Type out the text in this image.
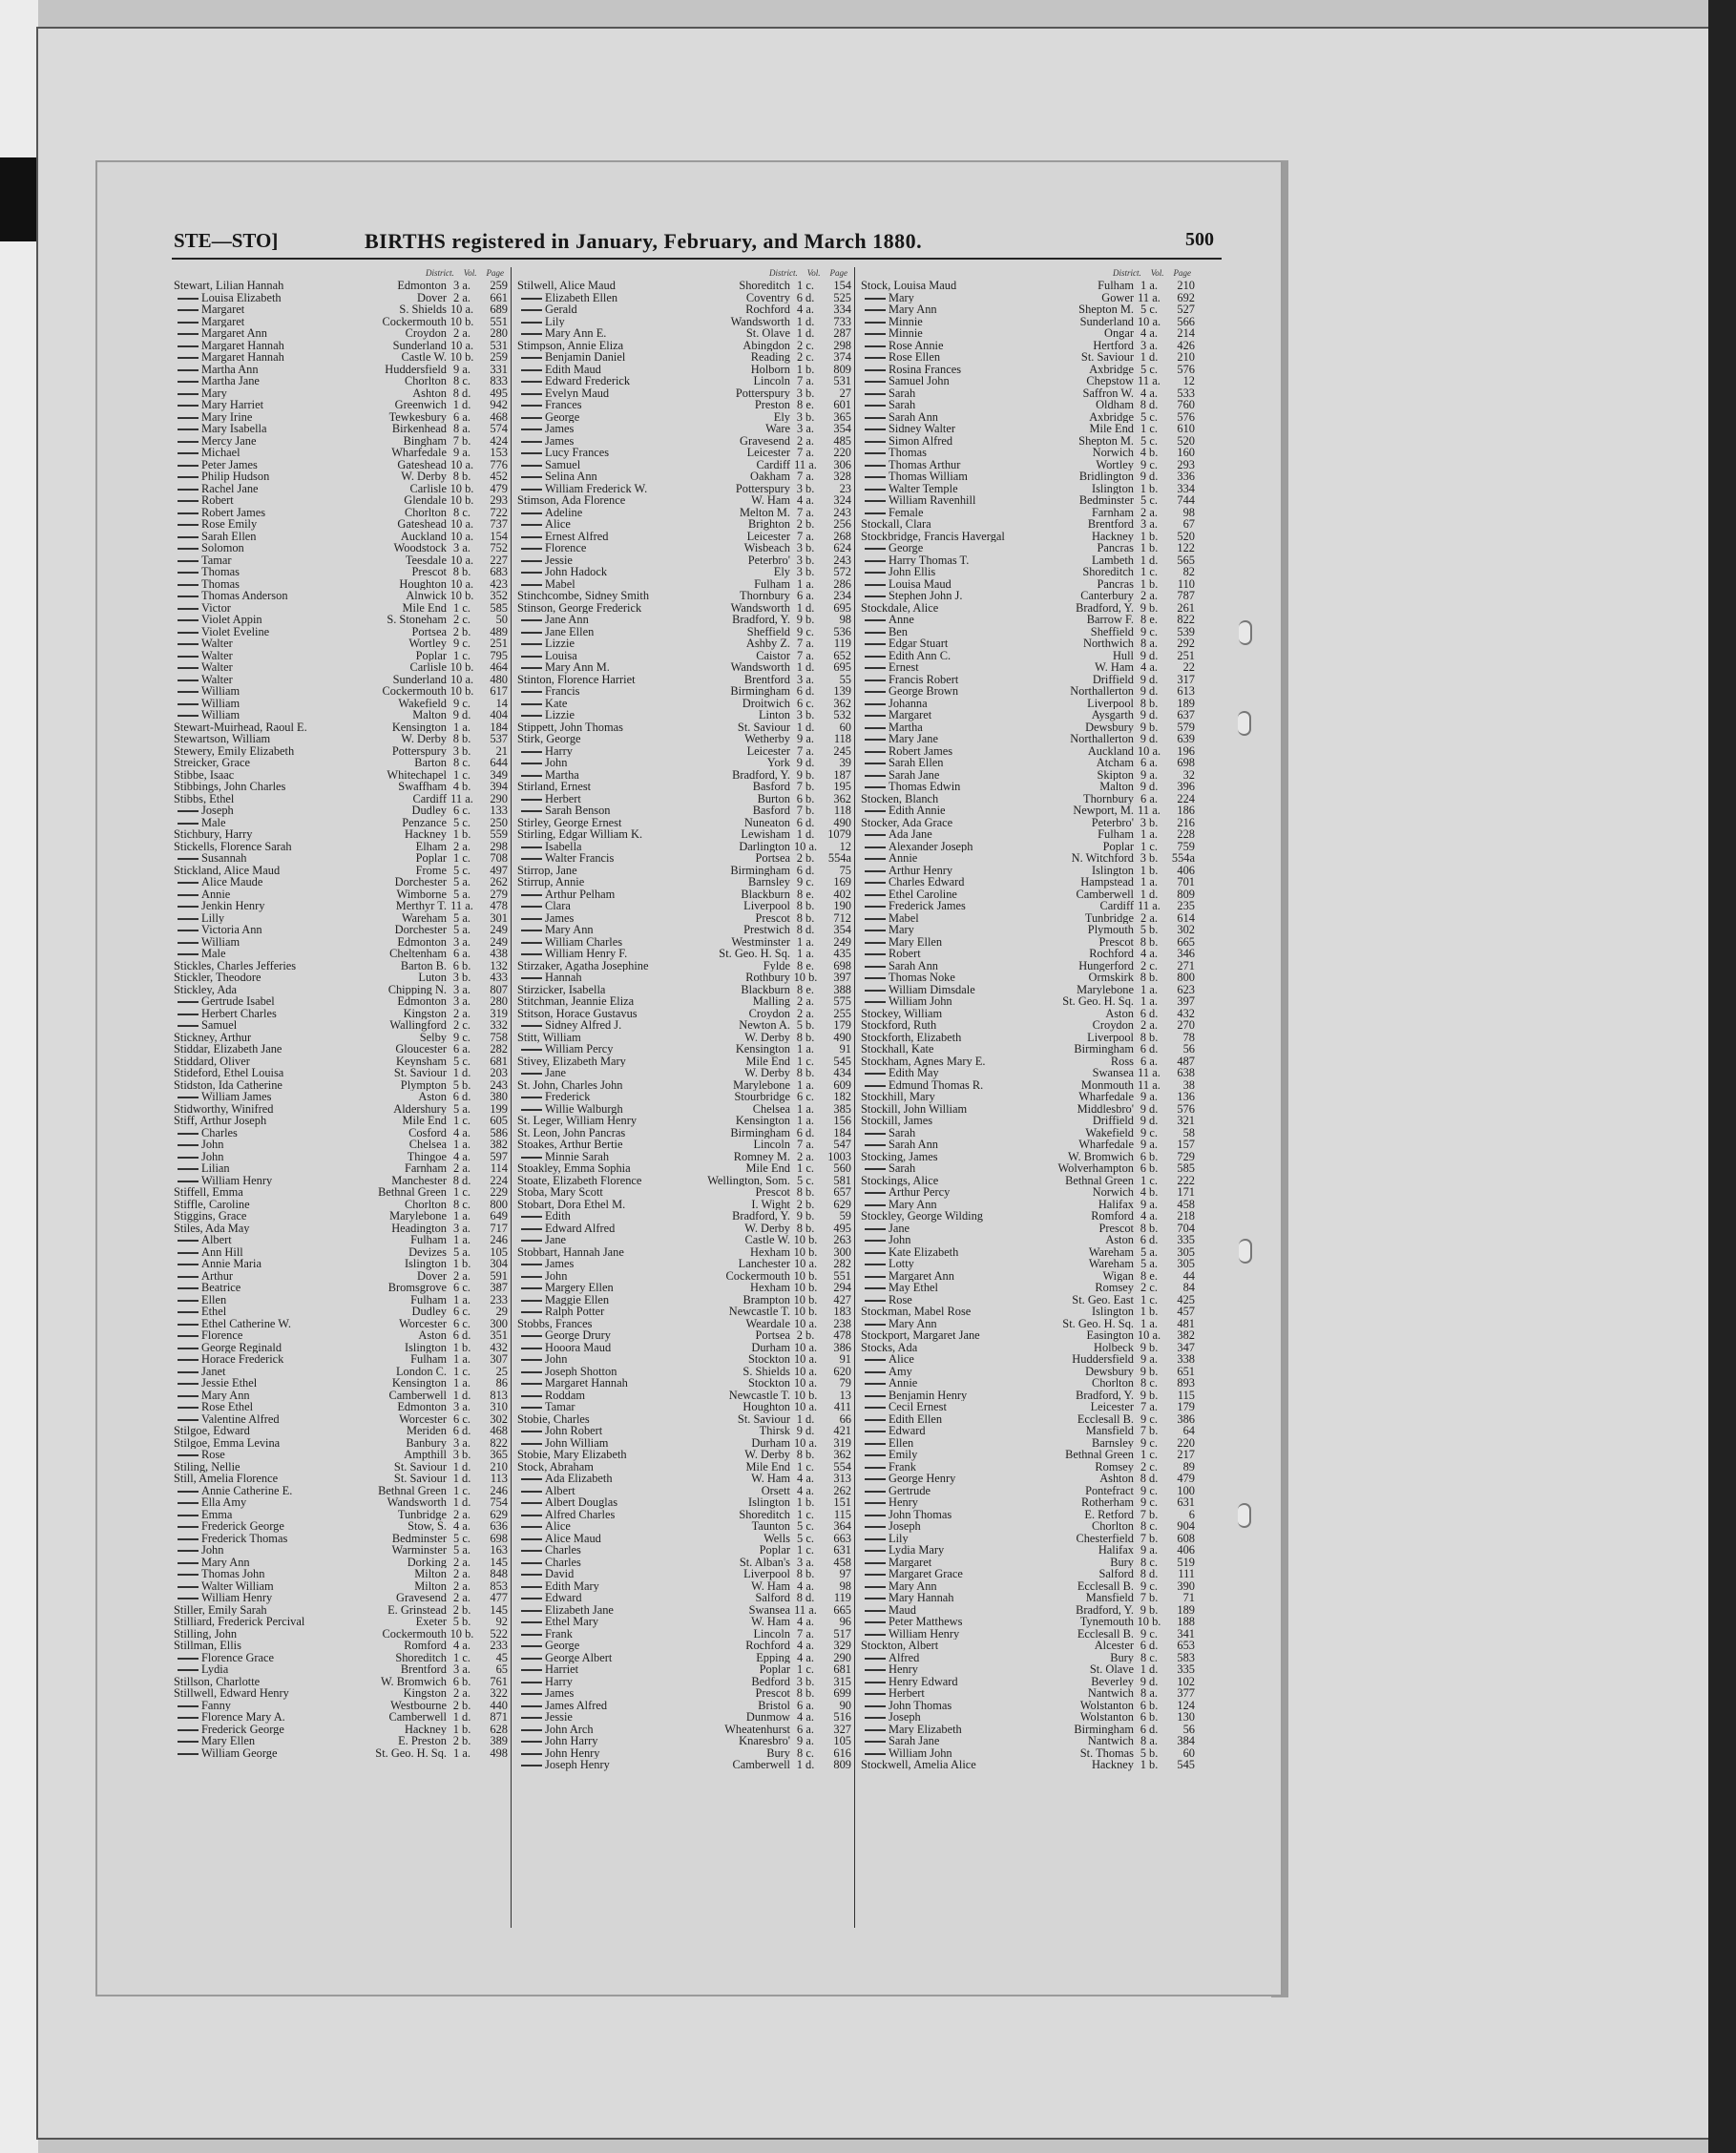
STE—STO]	BIRTHS registered in January, February, and March 1880.	500
District. Vol. Page
Stewart, Lilian Hannah	Edmonton 3 a.	259
Louisa Elizabeth	Dover 2 a.	661
Margaret	S. Shields 10 a.	689
Margaret	Cockermouth 10 b.	551
Margaret Ann	Croydon 2 a.	280
Margaret Hannah	Sunderland 10 a.	531
Margaret Hannah	Castle W. 10 b.	259
Martha Ann	Huddersfield 9 a.	331
Martha Jane	Chorlton 8 c.	833
Mary	Ashton 8 d.	495
Mary Harriet	Greenwich 1 d.	942
Mary Irine	Tewkesbury 6 a.	468
Mary Isabella	Birkenhead 8 a.	574
Mercy Jane	Bingham 7 b.	424
Michael	Wharfedale 9 a.	153
Peter James	Gateshead 10 a.	776
Philip Hudson	W. Derby 8 b.	452
Rachel Jane	Carlisle 10 b.	479
Robert	Glendale 10 b.	293
Robert James	Chorlton 8 c.	722
Rose Emily	Gateshead 10 a.	737
Sarah Ellen	Auckland 10 a.	154
Solomon	Woodstock 3 a.	752
Tamar	Teesdale 10 a.	227
Thomas	Prescot 8 b.	683
Thomas	Houghton 10 a.	423
Thomas Anderson	Alnwick 10 b.	352
Victor	Mile End 1 c.	585
Violet Appin	S. Stoneham 2 c.	50
Violet Eveline	Portsea 2 b.	489
Walter	Wortley 9 c.	251
Walter	Poplar 1 c.	795
Walter	Carlisle 10 b.	464
Walter	Sunderland 10 a.	480
William	Cockermouth 10 b.	617
William	Wakefield 9 c.	14
William	Malton 9 d.	404
Stewart-Muirhead, Raoul E.	Kensington 1 a.	184
Stewartson, William	W. Derby 8 b.	537
Stewery, Emily Elizabeth	Potterspury 3 b.	21
Streicker, Grace	Barton 8 c.	644
Stibbe, Isaac	Whitechapel 1 c.	349
Stibbings, John Charles	Swaffham 4 b.	394
Stibbs, Ethel	Cardiff 11 a.	290
Joseph	Dudley 6 c.	133
Male	Penzance 5 c.	250
Stichbury, Harry	Hackney 1 b.	559
Stickells, Florence Sarah	Elham 2 a.	298
Susannah	Poplar 1 c.	708
Stickland, Alice Maud	Frome 5 c.	497
Alice Maude	Dorchester 5 a.	262
Annie	Wimborne 5 a.	279
Jenkin Henry	Merthyr T. 11 a.	478
Lilly	Wareham 5 a.	301
Victoria Ann	Dorchester 5 a.	249
William	Edmonton 3 a.	249
Male	Cheltenham 6 a.	438
Stickles, Charles Jefferies	Barton B. 6 b.	132
Stickler, Theodore	Luton 3 b.	433
Stickley, Ada	Chipping N. 3 a.	807
Gertrude Isabel	Edmonton 3 a.	280
Herbert Charles	Kingston 2 a.	319
Samuel	Wallingford 2 c.	332
Stickney, Arthur	Selby 9 c.	758
Stiddar, Elizabeth Jane	Gloucester 6 a.	282
Stiddard, Oliver	Keynsham 5 c.	681
Stideford, Ethel Louisa	St. Saviour 1 d.	203
Stidston, Ida Catherine	Plympton 5 b.	243
William James	Aston 6 d.	380
Stidworthy, Winifred	Aldershury 5 a.	199
Stiff, Arthur Joseph	Mile End 1 c.	605
Charles	Cosford 4 a.	586
John	Chelsea 1 a.	382
John	Thingoe 4 a.	597
Lilian	Farnham 2 a.	114
William Henry	Manchester 8 d.	224
Stiffell, Emma	Bethnal Green 1 c.	229
Stiffle, Caroline	Chorlton 8 c.	800
Stiggins, Grace	Marylebone 1 a.	649
Stiles, Ada May	Headington 3 a.	717
Albert	Fulham 1 a.	246
Ann Hill	Devizes 5 a.	105
Annie Maria	Islington 1 b.	304
Arthur	Dover 2 a.	591
Beatrice	Bromsgrove 6 c.	387
Ellen	Fulham 1 a.	233
Ethel	Dudley 6 c.	29
Ethel Catherine W.	Worcester 6 c.	300
Florence	Aston 6 d.	351
George Reginald	Islington 1 b.	432
Horace Frederick	Fulham 1 a.	307
Janet	London C. 1 c.	25
Jessie Ethel	Kensington 1 a.	86
Mary Ann	Camberwell 1 d.	813
Rose Ethel	Edmonton 3 a.	310
Valentine Alfred	Worcester 6 c.	302
Stilgoe, Edward	Meriden 6 d.	468
Stilgoe, Emma Levina	Banbury 3 a.	822
Rose	Ampthill 3 b.	365
Stiling, Nellie	St. Saviour 1 d.	210
Still, Amelia Florence	St. Saviour 1 d.	113
Annie Catherine E.	Bethnal Green 1 c.	246
Ella Amy	Wandsworth 1 d.	754
Emma	Tunbridge 2 a.	629
Frederick George	Stow, S. 4 a.	636
Frederick Thomas	Bedminster 5 c.	698
John	Warminster 5 a.	163
Mary Ann	Dorking 2 a.	145
Thomas John	Milton 2 a.	848
Walter William	Milton 2 a.	853
William Henry	Gravesend 2 a.	477
Stiller, Emily Sarah	E. Grinstead 2 b.	145
Stilliard, Frederick Percival	Exeter 5 b.	92
Stilling, John	Cockermouth 10 b.	522
Stillman, Ellis	Romford 4 a.	233
Florence Grace	Shoreditch 1 c.	45
Lydia	Brentford 3 a.	65
Stillson, Charlotte	W. Bromwich 6 b.	761
Stillwell, Edward Henry	Kingston 2 a.	322
Fanny	Westbourne 2 b.	440
Florence Mary A.	Camberwell 1 d.	871
Frederick George	Hackney 1 b.	628
Mary Ellen	E. Preston 2 b.	389
William George	St. Geo. H. Sq. 1 a.	498
District. Vol. Page
Stilwell, Alice Maud	Shoreditch 1 c.	154
Elizabeth Ellen	Coventry 6 d.	525
Gerald	Rochford 4 a.	334
Lily	Wandsworth 1 d.	733
Mary Ann E.	St. Olave 1 d.	287
Stimpson, Annie Eliza	Abingdon 2 c.	298
Benjamin Daniel	Reading 2 c.	374
Edith Maud	Holborn 1 b.	809
Edward Frederick	Lincoln 7 a.	531
Evelyn Maud	Potterspury 3 b.	27
Frances	Preston 8 e.	601
George	Ely 3 b.	365
James	Ware 3 a.	354
James	Gravesend 2 a.	485
Lucy Frances	Leicester 7 a.	220
Samuel	Cardiff 11 a.	306
Selina Ann	Oakham 7 a.	328
William Frederick W.	Potterspury 3 b.	23
Stimson, Ada Florence	W. Ham 4 a.	324
Adeline	Melton M. 7 a.	243
Alice	Brighton 2 b.	256
Ernest Alfred	Leicester 7 a.	268
Florence	Wisbeach 3 b.	624
Jessie	Peterbro' 3 b.	243
John Hadock	Ely 3 b.	572
Mabel	Fulham 1 a.	286
Stinchcombe, Sidney Smith	Thornbury 6 a.	234
Stinson, George Frederick	Wandsworth 1 d.	695
Jane Ann	Bradford, Y. 9 b.	98
Jane Ellen	Sheffield 9 c.	536
Lizzie	Ashby Z. 7 a.	119
Louisa	Caistor 7 a.	652
Mary Ann M.	Wandsworth 1 d.	695
Stinton, Florence Harriet	Brentford 3 a.	55
Francis	Birmingham 6 d.	139
Kate	Droitwich 6 c.	362
Lizzie	Linton 3 b.	532
Stippett, John Thomas	St. Saviour 1 d.	60
Stirk, George	Wetherby 9 a.	118
Harry	Leicester 7 a.	245
John	York 9 d.	39
Martha	Bradford, Y. 9 b.	187
Stirland, Ernest	Basford 7 b.	195
Herbert	Burton 6 b.	362
Sarah Benson	Basford 7 b.	118
Stirley, George Ernest	Nuneaton 6 d.	490
Stirling, Edgar William K.	Lewisham 1 d.	1079
Isabella	Darlington 10 a.	12
Walter Francis	Portsea 2 b.	554a
Stirrop, Jane	Birmingham 6 d.	75
Stirrup, Annie	Barnsley 9 c.	169
Arthur Pelham	Blackburn 8 e.	402
Clara	Liverpool 8 b.	190
James	Prescot 8 b.	712
Mary Ann	Prestwich 8 d.	354
William Charles	Westminster 1 a.	249
William Henry F.	St. Geo. H. Sq. 1 a.	435
Stirzaker, Agatha Josephine	Fylde 8 e.	698
Hannah	Rothbury 10 b.	397
Stirzicker, Isabella	Blackburn 8 e.	388
Stitchman, Jeannie Eliza	Malling 2 a.	575
Stitson, Horace Gustavus	Croydon 2 a.	255
Sidney Alfred J.	Newton A. 5 b.	179
Stitt, William	W. Derby 8 b.	490
William Percy	Kensington 1 a.	91
Stivey, Elizabeth Mary	Mile End 1 c.	545
Jane	W. Derby 8 b.	434
St. John, Charles John	Marylebone 1 a.	609
Frederick	Stourbridge 6 c.	182
Willie Walburgh	Chelsea 1 a.	385
St. Leger, William Henry	Kensington 1 a.	156
St. Leon, John Pancras	Birmingham 6 d.	184
Stoakes, Arthur Bertie	Lincoln 7 a.	547
Minnie Sarah	Romney M. 2 a.	1003
Stoakley, Emma Sophia	Mile End 1 c.	560
Stoate, Elizabeth Florence	Wellington, Som. 5 c.	581
Stoba, Mary Scott	Prescot 8 b.	657
Stobart, Dora Ethel M.	I. Wight 2 b.	629
Edith	Bradford, Y. 9 b.	59
Edward Alfred	W. Derby 8 b.	495
Jane	Castle W. 10 b.	263
Stobbart, Hannah Jane	Hexham 10 b.	300
James	Lanchester 10 a.	282
John	Cockermouth 10 b.	551
Margery Ellen	Hexham 10 b.	294
Maggie Ellen	Brampton 10 b.	427
Ralph Potter	Newcastle T. 10 b.	183
Stobbs, Frances	Weardale 10 a.	238
George Drury	Portsea 2 b.	478
Hooora Maud	Durham 10 a.	386
John	Stockton 10 a.	91
Joseph Shotton	S. Shields 10 a.	620
Margaret Hannah	Stockton 10 a.	79
Roddam	Newcastle T. 10 b.	13
Tamar	Houghton 10 a.	411
Stobie, Charles	St. Saviour 1 d.	66
John Robert	Thirsk 9 d.	421
John William	Durham 10 a.	319
Stobie, Mary Elizabeth	W. Derby 8 b.	362
Stock, Abraham	Mile End 1 c.	554
Ada Elizabeth	W. Ham 4 a.	313
Albert	Orsett 4 a.	262
Albert Douglas	Islington 1 b.	151
Alfred Charles	Shoreditch 1 c.	115
Alice	Taunton 5 c.	364
Alice Maud	Wells 5 c.	663
Charles	Poplar 1 c.	631
Charles	St. Alban's 3 a.	458
David	Liverpool 8 b.	97
Edith Mary	W. Ham 4 a.	98
Edward	Salford 8 d.	119
Elizabeth Jane	Swansea 11 a.	665
Ethel Mary	W. Ham 4 a.	96
Frank	Lincoln 7 a.	517
George	Rochford 4 a.	329
George Albert	Epping 4 a.	290
Harriet	Poplar 1 c.	681
Harry	Bedford 3 b.	315
James	Prescot 8 b.	699
James Alfred	Bristol 6 a.	90
Jessie	Dunmow 4 a.	516
John Arch	Wheatenhurst 6 a.	327
John Harry	Knaresbro' 9 a.	105
John Henry	Bury 8 c.	616
Joseph Henry	Camberwell 1 d.	809
District. Vol. Page
Stock, Louisa Maud	Fulham 1 a.	210
Mary	Gower 11 a.	692
Mary Ann	Shepton M. 5 c.	527
Minnie	Sunderland 10 a.	566
Minnie	Ongar 4 a.	214
Rose Annie	Hertford 3 a.	426
Rose Ellen	St. Saviour 1 d.	210
Rosina Frances	Axbridge 5 c.	576
Samuel John	Chepstow 11 a.	12
Sarah	Saffron W. 4 a.	533
Sarah	Oldham 8 d.	760
Sarah Ann	Axbridge 5 c.	576
Sidney Walter	Mile End 1 c.	610
Simon Alfred	Shepton M. 5 c.	520
Thomas	Norwich 4 b.	160
Thomas Arthur	Wortley 9 c.	293
Thomas William	Bridlington 9 d.	336
Walter Temple	Islington 1 b.	334
William Ravenhill	Bedminster 5 c.	744
Female	Farnham 2 a.	98
Stockall, Clara	Brentford 3 a.	67
Stockbridge, Francis Havergal	Hackney 1 b.	520
George	Pancras 1 b.	122
Harry Thomas T.	Lambeth 1 d.	565
John Ellis	Shoreditch 1 c.	82
Louisa Maud	Pancras 1 b.	110
Stephen John J.	Canterbury 2 a.	787
Stockdale, Alice	Bradford, Y. 9 b.	261
Anne	Barrow F. 8 e.	822
Ben	Sheffield 9 c.	539
Edgar Stuart	Northwich 8 a.	292
Edith Ann C.	Hull 9 d.	251
Ernest	W. Ham 4 a.	22
Francis Robert	Driffield 9 d.	317
George Brown	Northallerton 9 d.	613
Johanna	Liverpool 8 b.	189
Margaret	Aysgarth 9 d.	637
Martha	Dewsbury 9 b.	579
Mary Jane	Northallerton 9 d.	639
Robert James	Auckland 10 a.	196
Sarah Ellen	Atcham 6 a.	698
Sarah Jane	Skipton 9 a.	32
Thomas Edwin	Malton 9 d.	396
Stocken, Blanch	Thornbury 6 a.	224
Edith Annie	Newport, M. 11 a.	186
Stocker, Ada Grace	Peterbro' 3 b.	216
Ada Jane	Fulham 1 a.	228
Alexander Joseph	Poplar 1 c.	759
Annie	N. Witchford 3 b.	554a
Arthur Henry	Islington 1 b.	406
Charles Edward	Hampstead 1 a.	701
Ethel Caroline	Camberwell 1 d.	809
Frederick James	Cardiff 11 a.	235
Mabel	Tunbridge 2 a.	614
Mary	Plymouth 5 b.	302
Mary Ellen	Prescot 8 b.	665
Robert	Rochford 4 a.	346
Sarah Ann	Hungerford 2 c.	271
Thomas Noke	Ormskirk 8 b.	800
William Dimsdale	Marylebone 1 a.	623
William John	St. Geo. H. Sq. 1 a.	397
Stockey, William	Aston 6 d.	432
Stockford, Ruth	Croydon 2 a.	270
Stockforth, Elizabeth	Liverpool 8 b.	78
Stockhall, Kate	Birmingham 6 d.	56
Stockham, Agnes Mary E.	Ross 6 a.	487
Edith May	Swansea 11 a.	638
Edmund Thomas R.	Monmouth 11 a.	38
Stockhill, Mary	Wharfedale 9 a.	136
Stockill, John William	Middlesbro' 9 d.	576
Stockill, James	Driffield 9 d.	321
Sarah	Wakefield 9 c.	58
Sarah Ann	Wharfedale 9 a.	157
Stocking, James	W. Bromwich 6 b.	729
Sarah	Wolverhampton 6 b.	585
Stockings, Alice	Bethnal Green 1 c.	222
Arthur Percy	Norwich 4 b.	171
Mary Ann	Halifax 9 a.	458
Stockley, George Wilding	Romford 4 a.	218
Jane	Prescot 8 b.	704
John	Aston 6 d.	335
Kate Elizabeth	Wareham 5 a.	305
Lotty	Wareham 5 a.	305
Margaret Ann	Wigan 8 e.	44
May Ethel	Romsey 2 c.	84
Rose	St. Geo. East 1 c.	425
Stockman, Mabel Rose	Islington 1 b.	457
Mary Ann	St. Geo. H. Sq. 1 a.	481
Stockport, Margaret Jane	Easington 10 a.	382
Stocks, Ada	Holbeck 9 b.	347
Alice	Huddersfield 9 a.	338
Amy	Dewsbury 9 b.	651
Annie	Chorlton 8 c.	893
Benjamin Henry	Bradford, Y. 9 b.	115
Cecil Ernest	Leicester 7 a.	179
Edith Ellen	Ecclesall B. 9 c.	386
Edward	Mansfield 7 b.	64
Ellen	Barnsley 9 c.	220
Emily	Bethnal Green 1 c.	217
Frank	Romsey 2 c.	89
George Henry	Ashton 8 d.	479
Gertrude	Pontefract 9 c.	100
Henry	Rotherham 9 c.	631
John Thomas	E. Retford 7 b.	6
Joseph	Chorlton 8 c.	904
Lily	Chesterfield 7 b.	608
Lydia Mary	Halifax 9 a.	406
Margaret	Bury 8 c.	519
Margaret Grace	Salford 8 d.	111
Mary Ann	Ecclesall B. 9 c.	390
Mary Hannah	Mansfield 7 b.	71
Maud	Bradford, Y. 9 b.	189
Peter Matthews	Tynemouth 10 b.	188
William Henry	Ecclesall B. 9 c.	341
Stockton, Albert	Alcester 6 d.	653
Alfred	Bury 8 c.	583
Henry	St. Olave 1 d.	335
Henry Edward	Beverley 9 d.	102
Herbert	Nantwich 8 a.	377
John Thomas	Wolstanton 6 b.	124
Joseph	Wolstanton 6 b.	130
Mary Elizabeth	Birmingham 6 d.	56
Sarah Jane	Nantwich 8 a.	384
William John	St. Thomas 5 b.	60
Stockwell, Amelia Alice	Hackney 1 b.	545
